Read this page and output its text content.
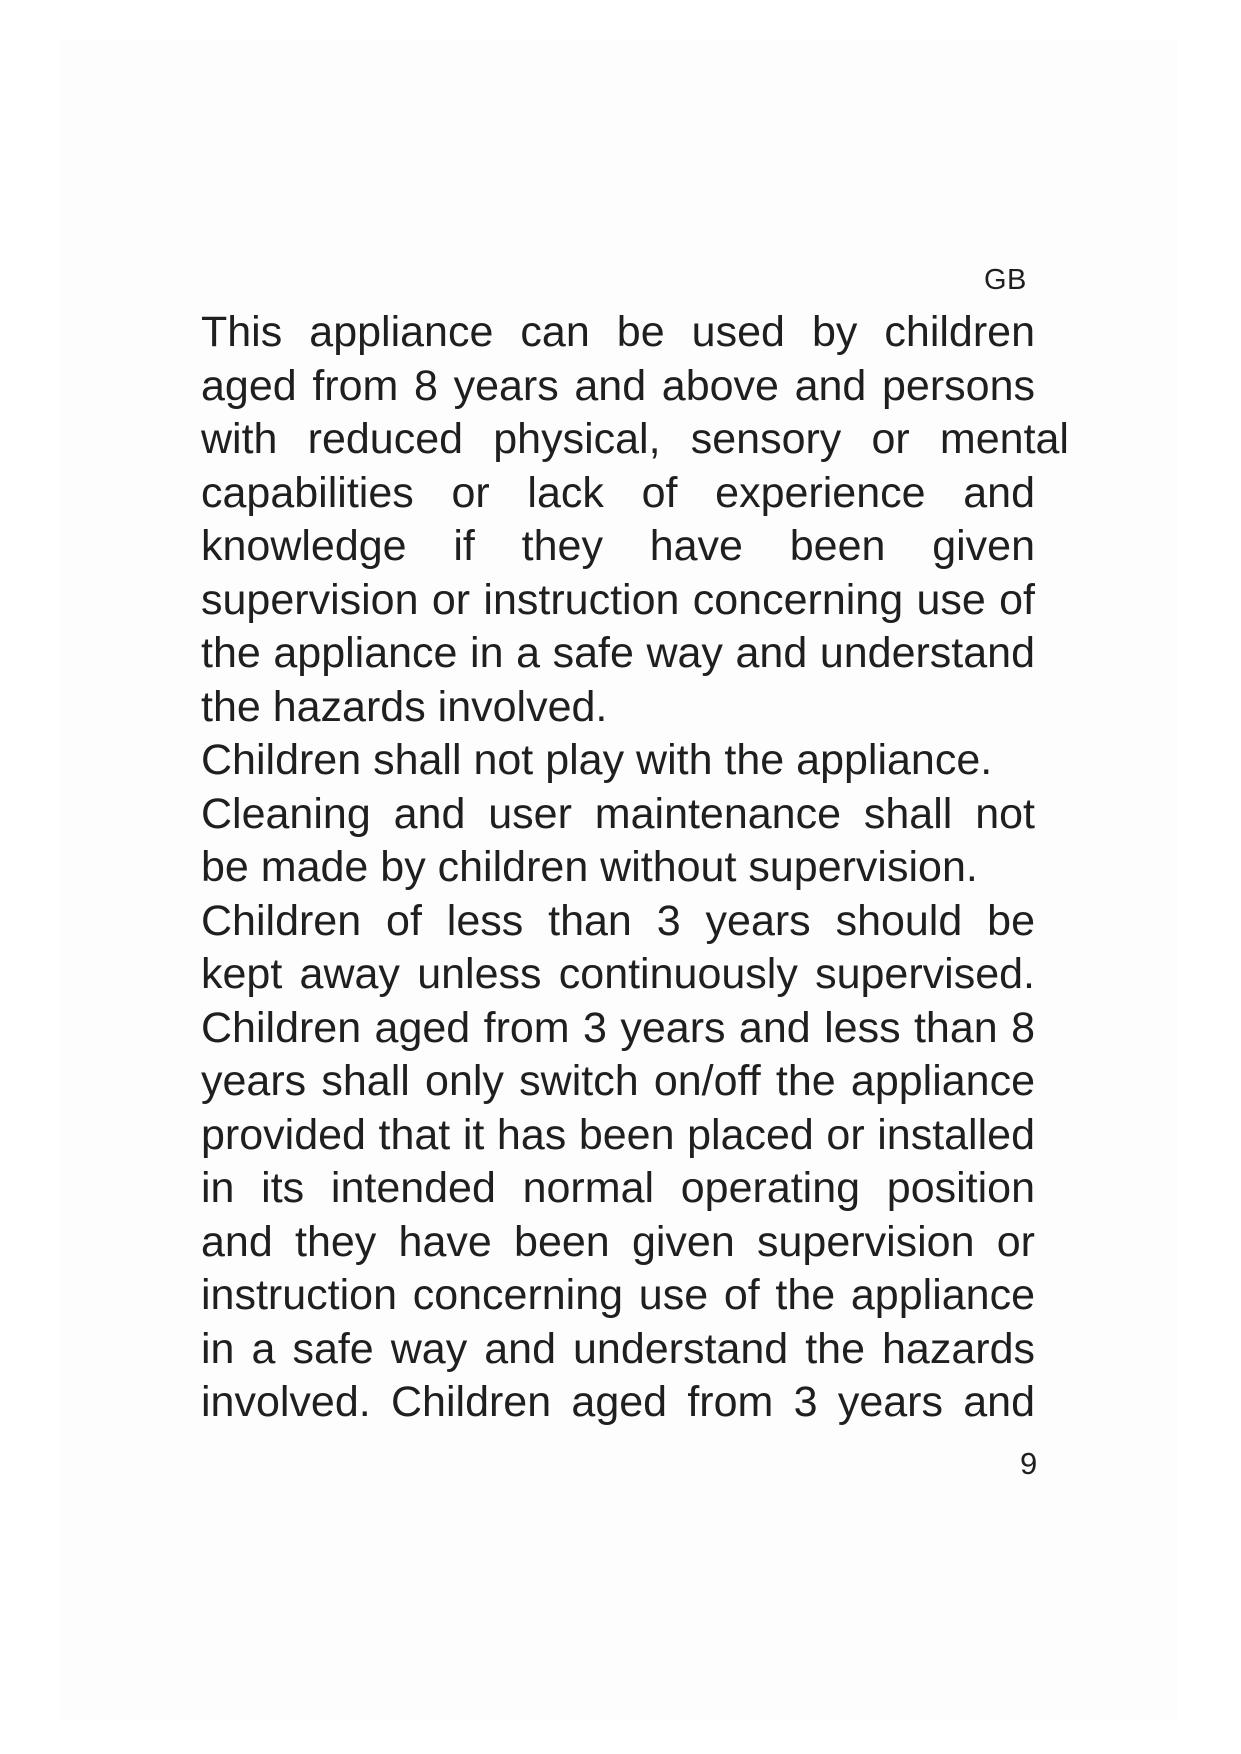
GB
This appliance can be used by children
aged from 8 years and above and persons
with reduced physical, sensory or mental
capabilities or lack of experience and
knowledge if they have been given
supervision or instruction concerning use of
the appliance in a safe way and understand
the hazards involved.
Children shall not play with the appliance.
Cleaning and user maintenance shall not
be made by children without supervision.
Children of less than 3 years should be
kept away unless continuously supervised.
Children aged from 3 years and less than 8
years shall only switch on/off the appliance
provided that it has been placed or installed
in its intended normal operating position
and they have been given supervision or
instruction concerning use of the appliance
in a safe way and understand the hazards
involved. Children aged from 3 years and
9
